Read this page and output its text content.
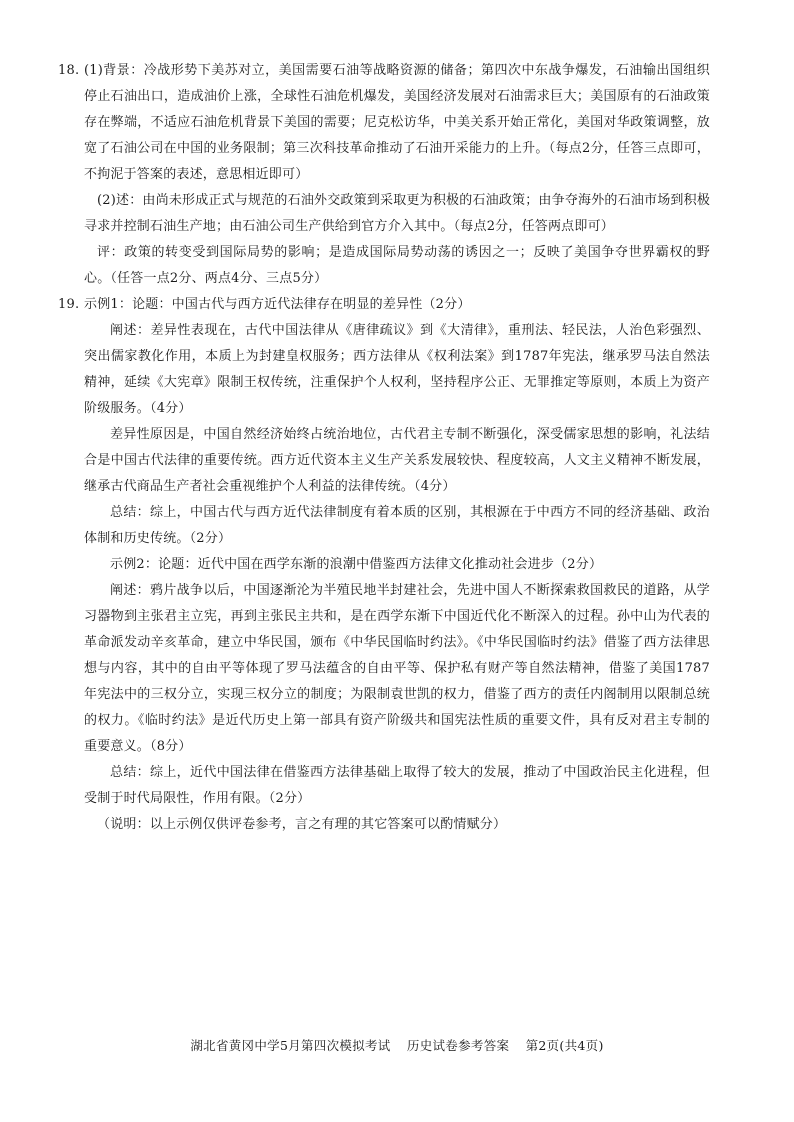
18. (1)背景：冷战形势下美苏对立，美国需要石油等战略资源的储备；第四次中东战争爆发，石油输出国组织停止石油出口，造成油价上涨，全球性石油危机爆发，美国经济发展对石油需求巨大；美国原有的石油政策存在弊端，不适应石油危机背景下美国的需要；尼克松访华，中美关系开始正常化，美国对华政策调整，放宽了石油公司在中国的业务限制；第三次科技革命推动了石油开采能力的上升。（每点2分，任答三点即可，不拘泥于答案的表述，意思相近即可）

(2)述：由尚未形成正式与规范的石油外交政策到采取更为积极的石油政策；由争夺海外的石油市场到积极寻求并控制石油生产地；由石油公司生产供给到官方介入其中。（每点2分，任答两点即可）

评：政策的转变受到国际局势的影响；是造成国际局势动荡的诱因之一；反映了美国争夺世界霸权的野心。（任答一点2分、两点4分、三点5分）

19. 示例1：论题：中国古代与西方近代法律存在明显的差异性（2分）

阐述：差异性表现在，古代中国法律从《唐律疏议》到《大清律》，重刑法、轻民法，人治色彩强烈、突出儒家教化作用，本质上为封建皇权服务；西方法律从《权利法案》到1787年宪法，继承罗马法自然法精神，延续《大宪章》限制王权传统，注重保护个人权利，坚持程序公正、无罪推定等原则，本质上为资产阶级服务。（4分）

差异性原因是，中国自然经济始终占统治地位，古代君主专制不断强化，深受儒家思想的影响，礼法结合是中国古代法律的重要传统。西方近代资本主义生产关系发展较快、程度较高，人文主义精神不断发展，继承古代商品生产者社会重视维护个人利益的法律传统。（4分）

总结：综上，中国古代与西方近代法律制度有着本质的区别，其根源在于中西方不同的经济基础、政治体制和历史传统。（2分）

示例2：论题：近代中国在西学东渐的浪潮中借鉴西方法律文化推动社会进步（2分）

阐述：鸦片战争以后，中国逐渐沦为半殖民地半封建社会，先进中国人不断探索救国救民的道路，从学习器物到主张君主立宪，再到主张民主共和，是在西学东渐下中国近代化不断深入的过程。孙中山为代表的革命派发动辛亥革命，建立中华民国，颁布《中华民国临时约法》。《中华民国临时约法》借鉴了西方法律思想与内容，其中的自由平等体现了罗马法蕴含的自由平等、保护私有财产等自然法精神，借鉴了美国1787年宪法中的三权分立，实现三权分立的制度；为限制袁世凯的权力，借鉴了西方的责任内阁制用以限制总统的权力。《临时约法》是近代历史上第一部具有资产阶级共和国宪法性质的重要文件，具有反对君主专制的重要意义。（8分）

总结：综上，近代中国法律在借鉴西方法律基础上取得了较大的发展，推动了中国政治民主化进程，但受制于时代局限性，作用有限。（2分）

（说明：以上示例仅供评卷参考，言之有理的其它答案可以酌情赋分）

湖北省黄冈中学5月第四次模拟考试 历史试卷参考答案 第2页(共4页)
